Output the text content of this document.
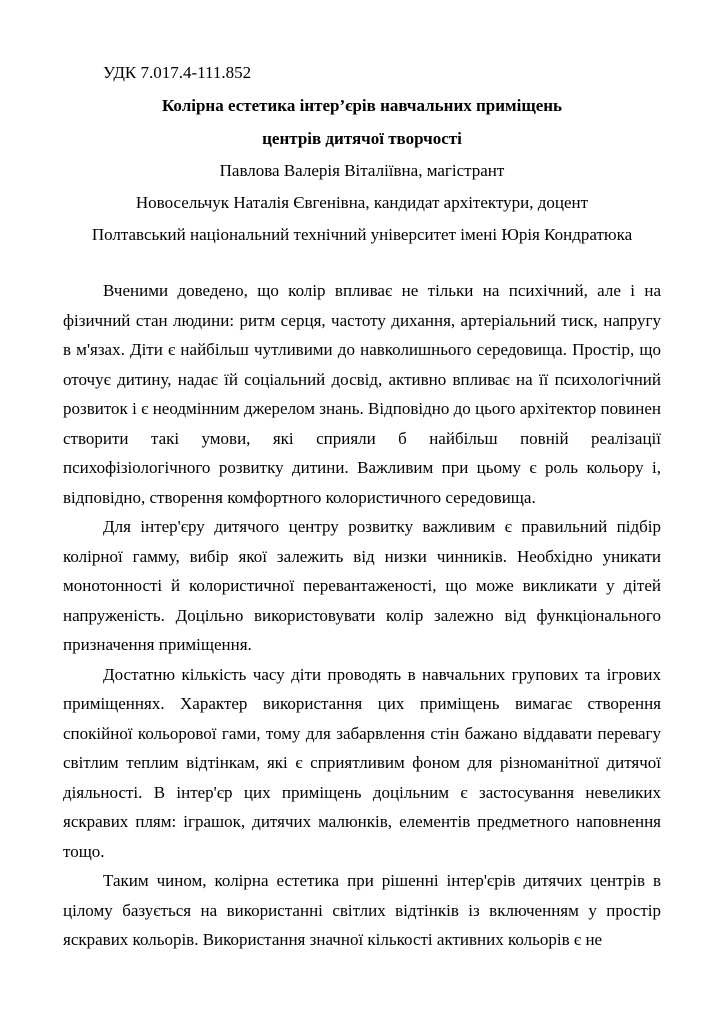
УДК 7.017.4-111.852
Колірна естетика інтер’єрів навчальних приміщень
центрів дитячої творчості
Павлова Валерія Віталіївна, магістрант
Новосельчук Наталія Євгенівна, кандидат архітектури, доцент
Полтавський національний технічний університет імені Юрія Кондратюка

Вченими доведено, що колір впливає не тільки на психічний, але і на фізичний стан людини: ритм серця, частоту дихання, артеріальний тиск, напругу в м'язах. Діти є найбільш чутливими до навколишнього середовища. Простір, що оточує дитину, надає їй соціальний досвід, активно впливає на її психологічний розвиток і є неодмінним джерелом знань. Відповідно до цього архітектор повинен створити такі умови, які сприяли б найбільш повній реалізації психофізіологічного розвитку дитини. Важливим при цьому є роль кольору і, відповідно, створення комфортного колористичного середовища.

Для інтер'єру дитячого центру розвитку важливим є правильний підбір колірної гамму, вибір якої залежить від низки чинників. Необхідно уникати монотонності й колористичної перевантаженості, що може викликати у дітей напруженість. Доцільно використовувати колір залежно від функціонального призначення приміщення.

Достатню кількість часу діти проводять в навчальних групових та ігрових приміщеннях. Характер використання цих приміщень вимагає створення спокійної кольорової гами, тому для забарвлення стін бажано віддавати перевагу світлим теплим відтінкам, які є сприятливим фоном для різноманітної дитячої діяльності. В інтер'єр цих приміщень доцільним є застосування невеликих яскравих плям: іграшок, дитячих малюнків, елементів предметного наповнення тощо.

Таким чином, колірна естетика при рішенні інтер'єрів дитячих центрів в цілому базується на використанні світлих відтінків із включенням у простір яскравих кольорів. Використання значної кількості активних кольорів є не
